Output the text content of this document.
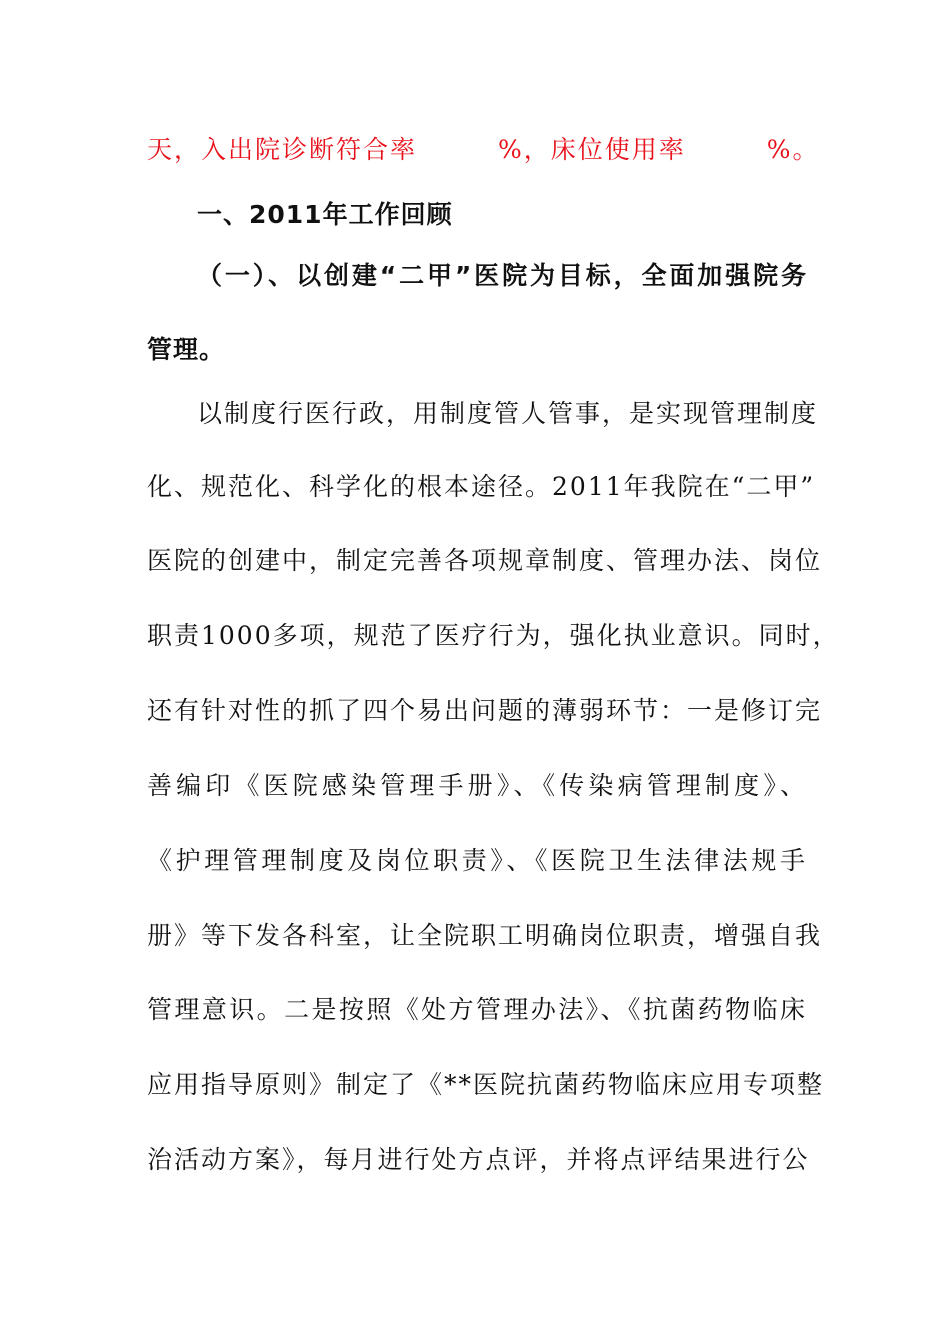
天，入出院诊断符合率　　　%，床位使用率　　　%。
一、2011年工作回顾
（一）、以创建“二甲”医院为目标，全面加强院务
管理。
以制度行医行政，用制度管人管事，是实现管理制度
化、规范化、科学化的根本途径。2011年我院在“二甲”
医院的创建中，制定完善各项规章制度、管理办法、岗位
职责1000多项，规范了医疗行为，强化执业意识。同时，
还有针对性的抓了四个易出问题的薄弱环节：一是修订完
善编印《医院感染管理手册》、《传染病管理制度》、
《护理管理制度及岗位职责》、《医院卫生法律法规手
册》等下发各科室，让全院职工明确岗位职责，增强自我
管理意识。二是按照《处方管理办法》、《抗菌药物临床
应用指导原则》制定了《**医院抗菌药物临床应用专项整
治活动方案》，每月进行处方点评，并将点评结果进行公
